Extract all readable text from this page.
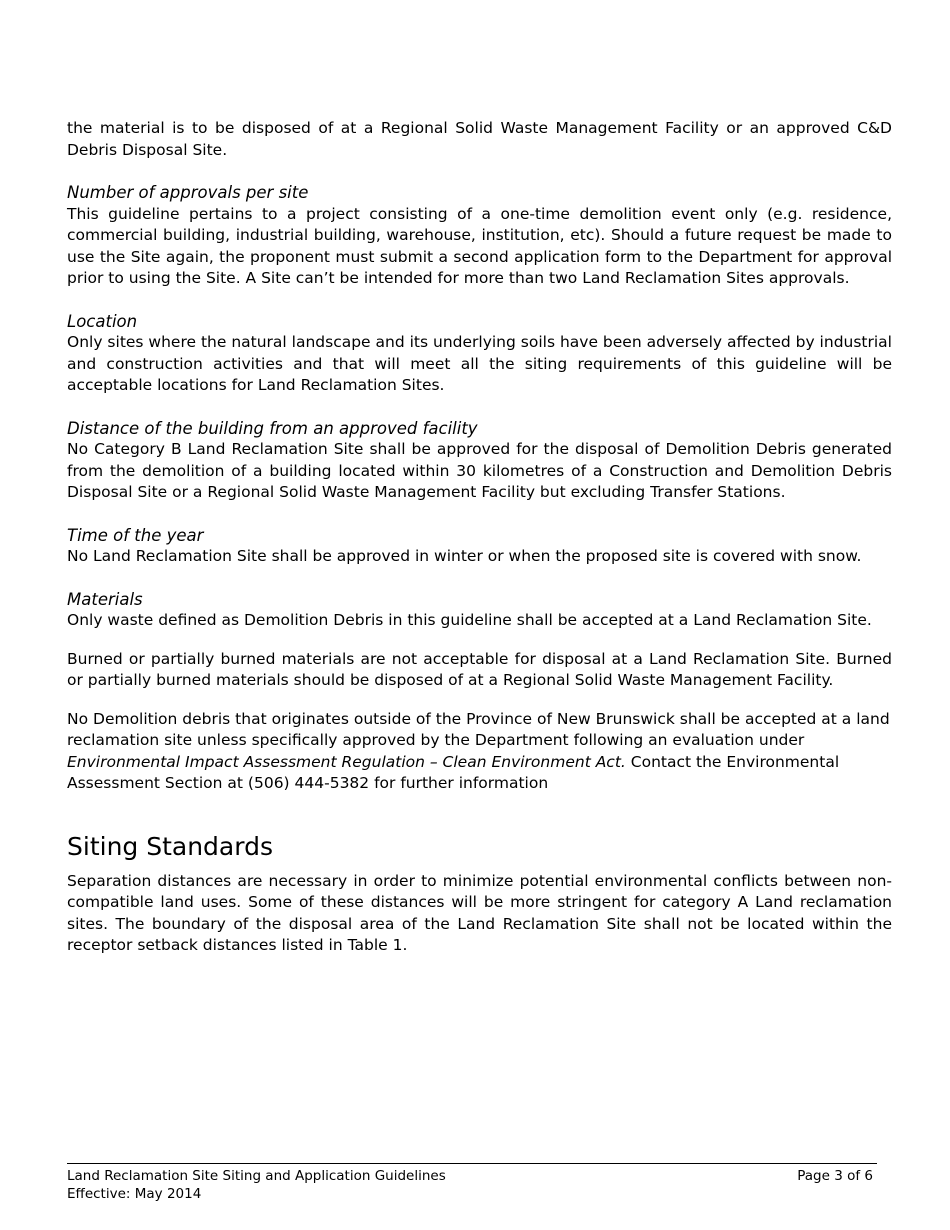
the material is to be disposed of at a Regional Solid Waste Management Facility or an approved C&D Debris Disposal Site.

Number of approvals per site

This guideline pertains to a project consisting of a one-time demolition event only (e.g. residence, commercial building, industrial building, warehouse, institution, etc). Should a future request be made to use the Site again, the proponent must submit a second application form to the Department for approval prior to using the Site. A Site can’t be intended for more than two Land Reclamation Sites approvals.

Location

Only sites where the natural landscape and its underlying soils have been adversely affected by industrial and construction activities and that will meet all the siting requirements of this guideline will be acceptable locations for Land Reclamation Sites.

Distance of the building from an approved facility

No Category B Land Reclamation Site shall be approved for the disposal of Demolition Debris generated from the demolition of a building located within 30 kilometres of a Construction and Demolition Debris Disposal Site or a Regional Solid Waste Management Facility but excluding Transfer Stations.

Time of the year

No Land Reclamation Site shall be approved in winter or when the proposed site is covered with snow.

Materials

Only waste defined as Demolition Debris in this guideline shall be accepted at a Land Reclamation Site.

Burned or partially burned materials are not acceptable for disposal at a Land Reclamation Site. Burned or partially burned materials should be disposed of at a Regional Solid Waste Management Facility.

No Demolition debris that originates outside of the Province of New Brunswick shall be accepted at a land reclamation site unless specifically approved by the Department following an evaluation under Environmental Impact Assessment Regulation – Clean Environment Act. Contact the Environmental Assessment Section at (506) 444-5382 for further information

Siting Standards

Separation distances are necessary in order to minimize potential environmental conflicts between non-compatible land uses. Some of these distances will be more stringent for category A Land reclamation sites. The boundary of the disposal area of the Land Reclamation Site shall not be located within the receptor setback distances listed in Table 1.

Land Reclamation Site Siting and Application Guidelines
Effective: May 2014
Page 3 of 6
